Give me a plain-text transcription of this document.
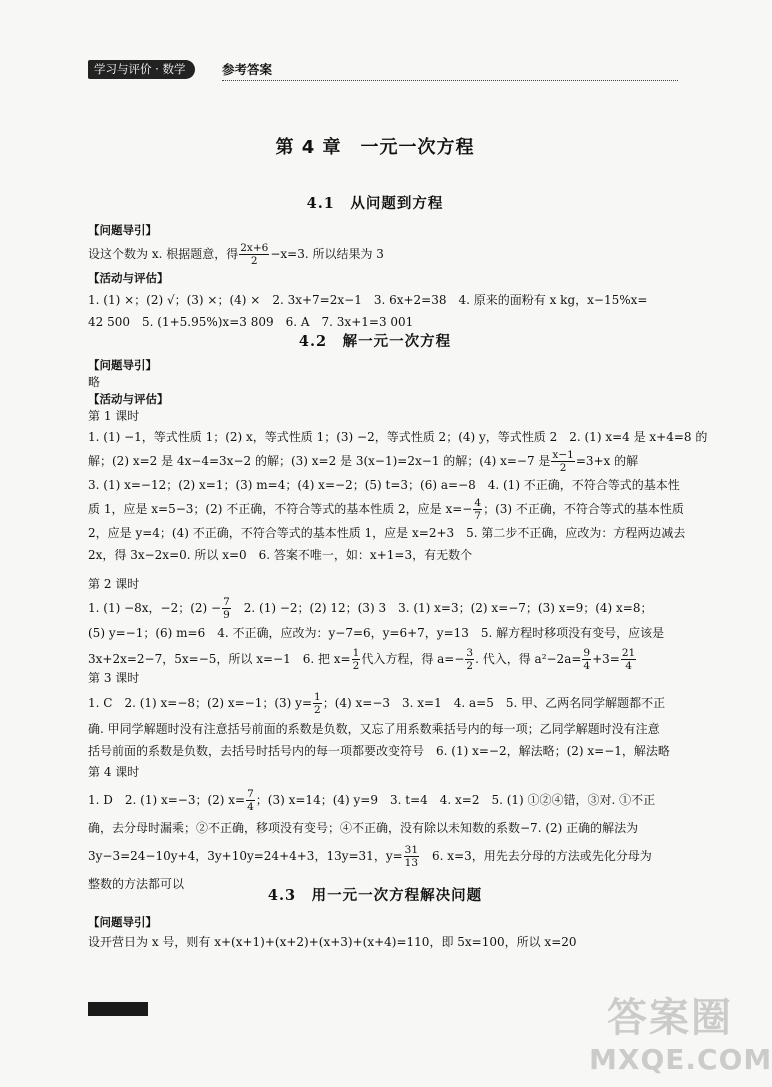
学习与评价 · 数学	参考答案
第 4 章　一元一次方程
4.1　从问题到方程
【问题导引】
设这个数为 x. 根据题意，得 $\frac{2x+6}{2} -x=3$. 所以结果为 3
【活动与评估】
1. (1) ×；(2) √；(3) ×；(4) ×　2. 3x+7=2x−1　3. 6x+2=38　4. 原来的面粉有 x kg，x−15%x=
42 500　5. (1+5.95%)x=3 809　6. A　7. 3x+1=3 001
4.2　解一元一次方程
【问题导引】
略
【活动与评估】
第 1 课时
1. (1) −1，等式性质 1；(2) x，等式性质 1；(3) −2，等式性质 2；(4) y，等式性质 2　2. (1) x=4 是 x+4=8 的
解；(2) x=2 是 4x−4=3x−2 的解；(3) x=2 是 3(x−1)=2x−1 的解；(4) x=−7 是 $\frac{x-1}{2} =3+x$ 的解
3. (1) x=−12；(2) x=1；(3) m=4；(4) x=−2；(5) t=3；(6) a=−8　4. (1) 不正确，不符合等式的基本性
质 1，应是 x=5−3；(2) 不正确，不符合等式的基本性质 2，应是 $x=- \frac{4}{7}$ ；(3) 不正确，不符合等式的基本性质
2，应是 y=4；(4) 不正确，不符合等式的基本性质 1，应是 x=2+3　5. 第二步不正确，应改为：方程两边减去
2x，得 3x−2x=0. 所以 x=0　6. 答案不唯一，如：x+1=3，有无数个
第 2 课时
1. (1) −8x，−2；$(2) - \frac{7}{9}$ 　2. (1) −2；(2) 12；(3) 3　3. (1) x=3；(2) x=−7；(3) x=9；(4) x=8；
(5) y=−1；(6) m=6　4. 不正确，应改为：y−7=6，y=6+7，y=13　5. 解方程时移项没有变号，应该是
3x+2x=2−7，5x=−5，所以 x=−1　6. 把 $x= \frac{1}{2}$ 代入方程，得 $a=- \frac{3}{2}$ . 代入，得 $a^2-2a= \frac{9}{4} +3= \frac{21}{4}$
第 3 课时
1. C　2. (1) x=−8；(2) x=−1；(3) $y= \frac{1}{2}$ ；(4) x=−3　3. x=1　4. a=5　5. 甲、乙两名同学解题都不正
确. 甲同学解题时没有注意括号前面的系数是负数，又忘了用系数乘括号内的每一项；乙同学解题时没有注意
括号前面的系数是负数，去括号时括号内的每一项都要改变符号　6. (1) x=−2，解法略；(2) x=−1，解法略
第 4 课时
1. D　2. (1) x=−3；(2) $x= \frac{7}{4}$ ；(3) x=14；(4) y=9　3. t=4　4. x=2　5. (1) ①②④错，③对. ①不正
确，去分母时漏乘；②不正确，移项没有变号；④不正确，没有除以未知数的系数−7. (2) 正确的解法为
3y−3=24−10y+4，3y+10y=24+4+3，13y=31，$y= \frac{31}{13}$ 　6. x=3，用先去分母的方法或先化分母为
整数的方法都可以
4.3　用一元一次方程解决问题
【问题导引】
设开营日为 x 号，则有 x+(x+1)+(x+2)+(x+3)+(x+4)=110，即 5x=100，所以 x=20
答案圈
MXQE.COM
